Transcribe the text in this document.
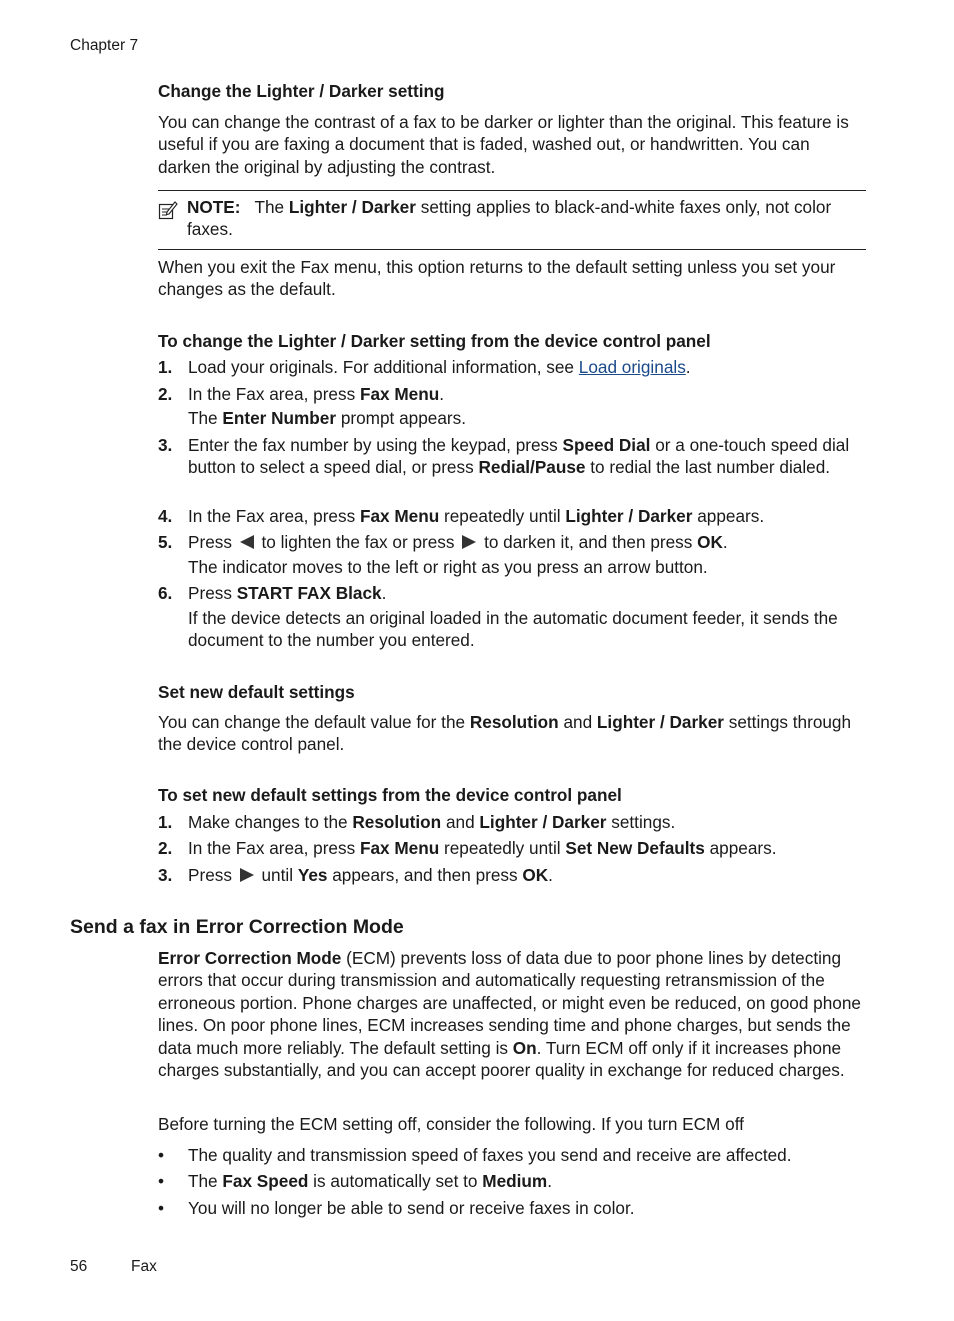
Chapter 7
Change the Lighter / Darker setting

You can change the contrast of a fax to be darker or lighter than the original. This feature is useful if you are faxing a document that is faded, washed out, or handwritten. You can darken the original by adjusting the contrast.

NOTE: The Lighter / Darker setting applies to black-and-white faxes only, not color faxes.

When you exit the Fax menu, this option returns to the default setting unless you set your changes as the default.

To change the Lighter / Darker setting from the device control panel
1. Load your originals. For additional information, see Load originals.
2. In the Fax area, press Fax Menu.
The Enter Number prompt appears.
3. Enter the fax number by using the keypad, press Speed Dial or a one-touch speed dial button to select a speed dial, or press Redial/Pause to redial the last number dialed.
4. In the Fax area, press Fax Menu repeatedly until Lighter / Darker appears.
5. Press to lighten the fax or press to darken it, and then press OK.
The indicator moves to the left or right as you press an arrow button.
6. Press START FAX Black.
If the device detects an original loaded in the automatic document feeder, it sends the document to the number you entered.
Set new default settings

You can change the default value for the Resolution and Lighter / Darker settings through the device control panel.

To set new default settings from the device control panel
1. Make changes to the Resolution and Lighter / Darker settings.
2. In the Fax area, press Fax Menu repeatedly until Set New Defaults appears.
3. Press until Yes appears, and then press OK.
Send a fax in Error Correction Mode

Error Correction Mode (ECM) prevents loss of data due to poor phone lines by detecting errors that occur during transmission and automatically requesting retransmission of the erroneous portion. Phone charges are unaffected, or might even be reduced, on good phone lines. On poor phone lines, ECM increases sending time and phone charges, but sends the data much more reliably. The default setting is On. Turn ECM off only if it increases phone charges substantially, and you can accept poorer quality in exchange for reduced charges.

Before turning the ECM setting off, consider the following. If you turn ECM off

• The quality and transmission speed of faxes you send and receive are affected.
• The Fax Speed is automatically set to Medium.
• You will no longer be able to send or receive faxes in color.
56	Fax
